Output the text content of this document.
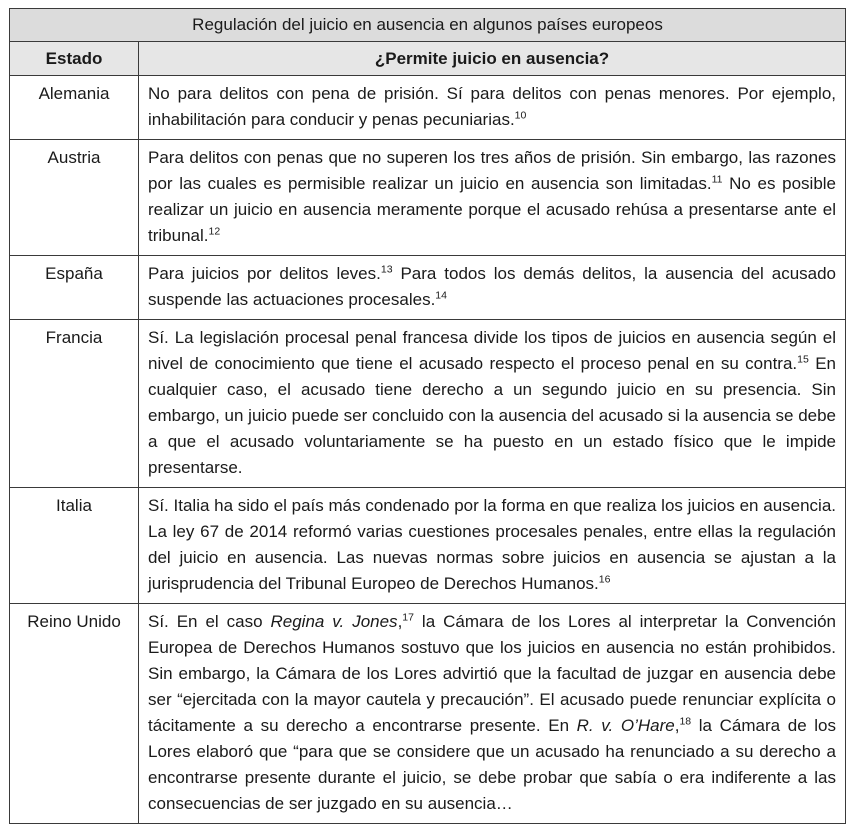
Regulación del juicio en ausencia en algunos países europeos	
Estado	¿Permite juicio en ausencia?
Alemania	No para delitos con pena de prisión. Sí para delitos con penas menores. Por ejemplo, inhabilitación para conducir y penas pecuniarias.$^{10}$
Austria	Para delitos con penas que no superen los tres años de prisión. Sin embargo, las razones por las cuales es permisible realizar un juicio en ausencia son limitadas.$^{11}$ No es posible realizar un juicio en ausencia meramente porque el acusado rehúsa a presentarse ante el tribunal.$^{12}$
España	Para juicios por delitos leves.$^{13}$ Para todos los demás delitos, la ausencia del acusado suspende las actuaciones procesales.$^{14}$
Francia	Sí. La legislación procesal penal francesa divide los tipos de juicios en ausencia según el nivel de conocimiento que tiene el acusado respecto el proceso penal en su contra.$^{15}$ En cualquier caso, el acusado tiene derecho a un segundo juicio en su presencia. Sin embargo, un juicio puede ser concluido con la ausencia del acusado si la ausencia se debe a que el acusado voluntariamente se ha puesto en un estado físico que le impide presentarse.
Italia	Sí. Italia ha sido el país más condenado por la forma en que realiza los juicios en ausencia. La ley 67 de 2014 reformó varias cuestiones procesales penales, entre ellas la regulación del juicio en ausencia. Las nuevas normas sobre juicios en ausencia se ajustan a la jurisprudencia del Tribunal Europeo de Derechos Humanos.$^{16}$
Reino Unido	Sí. En el caso Regina v. Jones,$^{17}$ la Cámara de los Lores al interpretar la Convención Europea de Derechos Humanos sostuvo que los juicios en ausencia no están prohibidos. Sin embargo, la Cámara de los Lores advirtió que la facultad de juzgar en ausencia debe ser “ejercitada con la mayor cautela y precaución”. El acusado puede renunciar explícita o tácitamente a su derecho a encontrarse presente. En R. v. O’Hare,$^{18}$ la Cámara de los Lores elaboró que “para que se considere que un acusado ha renunciado a su derecho a encontrarse presente durante el juicio, se debe probar que sabía o era indiferente a las consecuencias de ser juzgado en su ausencia…
